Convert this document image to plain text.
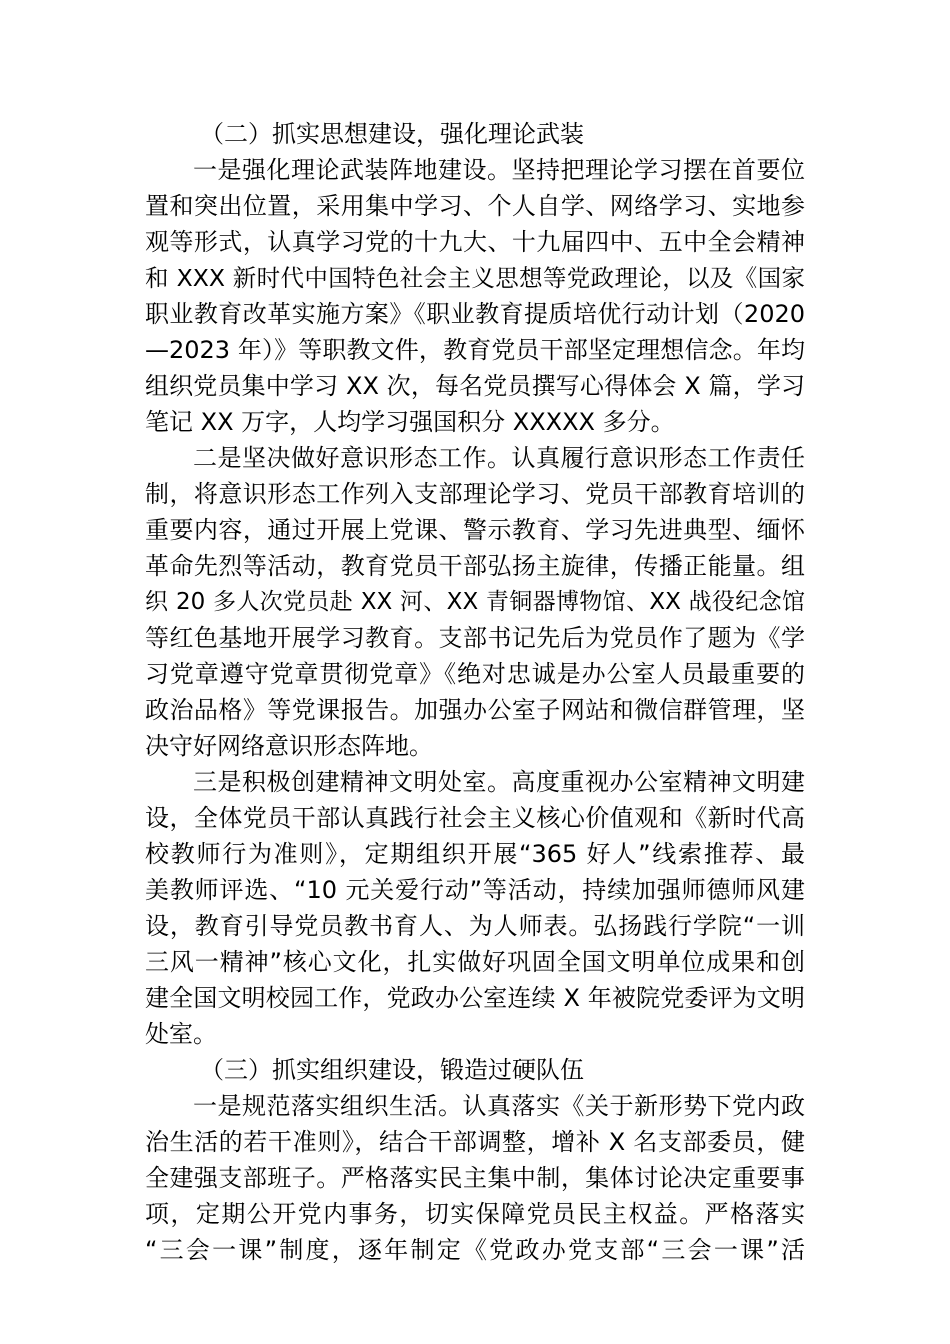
（二）抓实思想建设，强化理论武装
一是强化理论武装阵地建设。坚持把理论学习摆在首要位
置和突出位置，采用集中学习、个人自学、网络学习、实地参
观等形式，认真学习党的十九大、十九届四中、五中全会精神
和 XXX 新时代中国特色社会主义思想等党政理论，以及《国家
职业教育改革实施方案》《职业教育提质培优行动计划（2020
—2023 年）》等职教文件，教育党员干部坚定理想信念。年均
组织党员集中学习 XX 次，每名党员撰写心得体会 X 篇，学习
笔记 XX 万字，人均学习强国积分 XXXXX 多分。
二是坚决做好意识形态工作。认真履行意识形态工作责任
制，将意识形态工作列入支部理论学习、党员干部教育培训的
重要内容，通过开展上党课、警示教育、学习先进典型、缅怀
革命先烈等活动，教育党员干部弘扬主旋律，传播正能量。组
织 20 多人次党员赴 XX 河、XX 青铜器博物馆、XX 战役纪念馆
等红色基地开展学习教育。支部书记先后为党员作了题为《学
习党章遵守党章贯彻党章》《绝对忠诚是办公室人员最重要的
政治品格》等党课报告。加强办公室子网站和微信群管理，坚
决守好网络意识形态阵地。
三是积极创建精神文明处室。高度重视办公室精神文明建
设，全体党员干部认真践行社会主义核心价值观和《新时代高
校教师行为准则》，定期组织开展“365 好人”线索推荐、最
美教师评选、“10 元关爱行动”等活动，持续加强师德师风建
设，教育引导党员教书育人、为人师表。弘扬践行学院“一训
三风一精神”核心文化，扎实做好巩固全国文明单位成果和创
建全国文明校园工作，党政办公室连续 X 年被院党委评为文明
处室。
（三）抓实组织建设，锻造过硬队伍
一是规范落实组织生活。认真落实《关于新形势下党内政
治生活的若干准则》，结合干部调整，增补 X 名支部委员，健
全建强支部班子。严格落实民主集中制，集体讨论决定重要事
项，定期公开党内事务，切实保障党员民主权益。严格落实
“三会一课”制度，逐年制定《党政办党支部“三会一课”活
